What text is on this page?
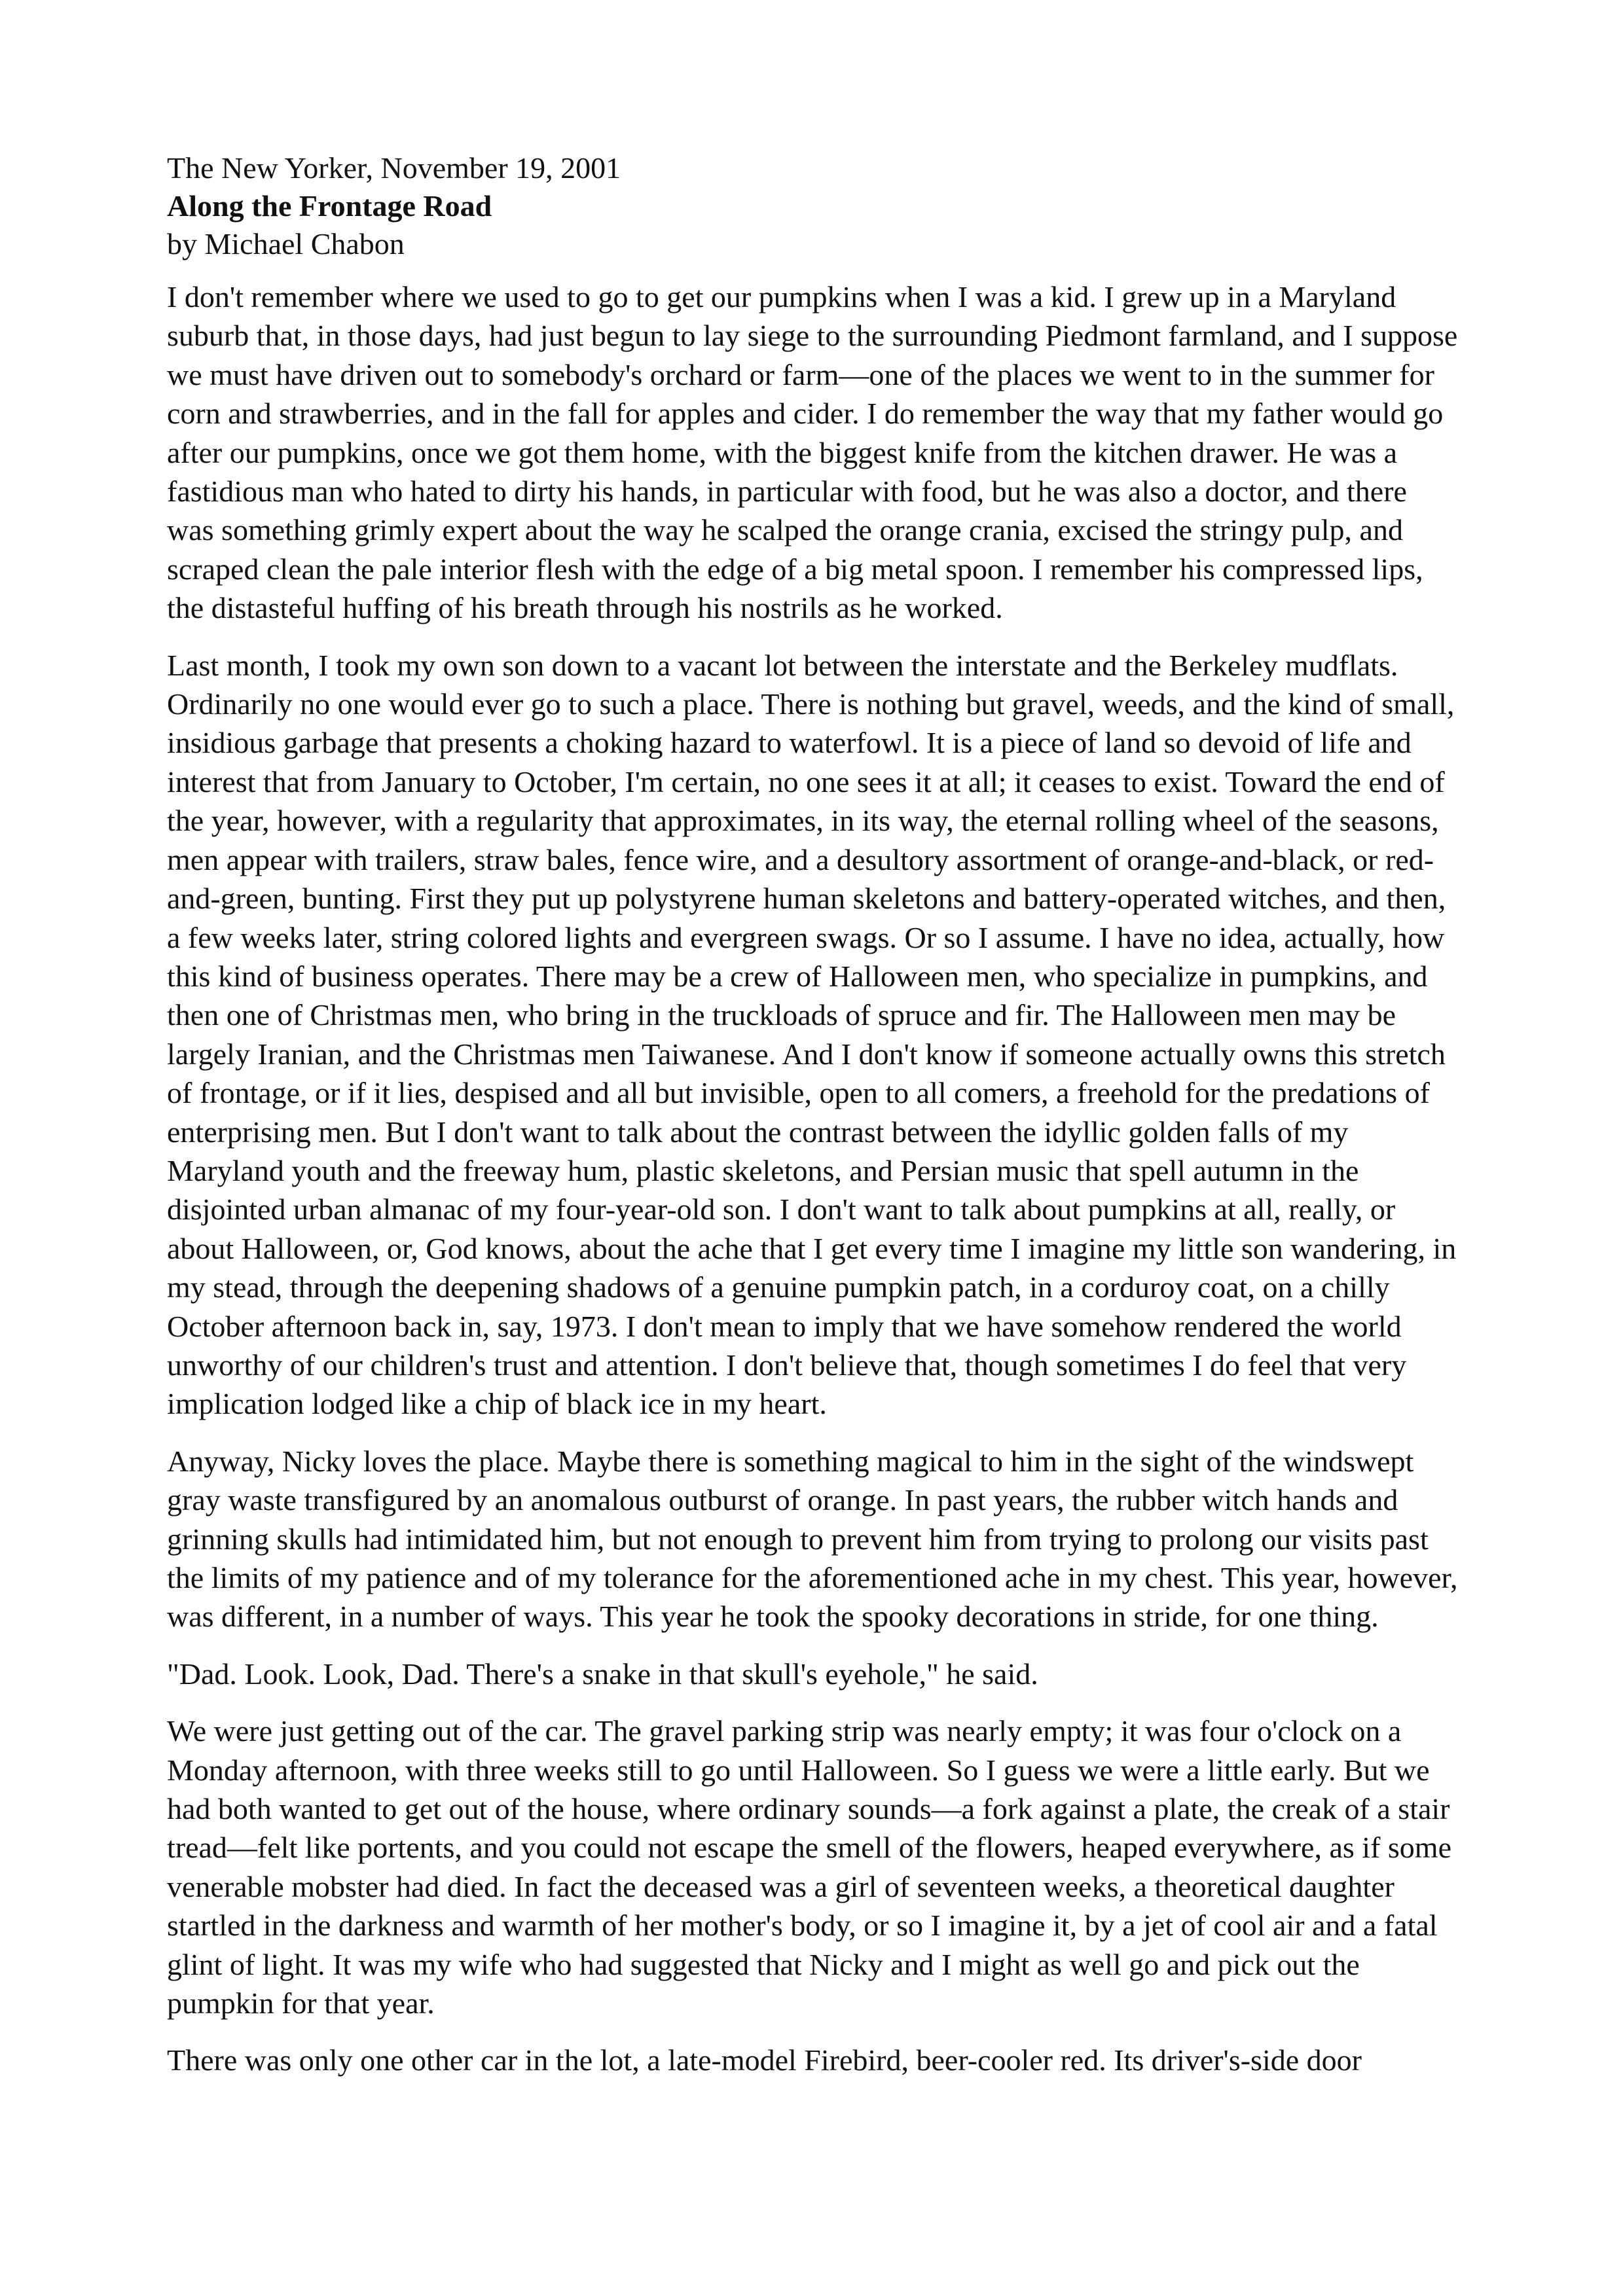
The New Yorker, November 19, 2001

Along the Frontage Road

by Michael Chabon

I don't remember where we used to go to get our pumpkins when I was a kid. I grew up in a Maryland suburb that, in those days, had just begun to lay siege to the surrounding Piedmont farmland, and I suppose we must have driven out to somebody's orchard or farm—one of the places we went to in the summer for corn and strawberries, and in the fall for apples and cider. I do remember the way that my father would go after our pumpkins, once we got them home, with the biggest knife from the kitchen drawer. He was a fastidious man who hated to dirty his hands, in particular with food, but he was also a doctor, and there was something grimly expert about the way he scalped the orange crania, excised the stringy pulp, and scraped clean the pale interior flesh with the edge of a big metal spoon. I remember his compressed lips, the distasteful huffing of his breath through his nostrils as he worked.

Last month, I took my own son down to a vacant lot between the interstate and the Berkeley mudflats. Ordinarily no one would ever go to such a place. There is nothing but gravel, weeds, and the kind of small, insidious garbage that presents a choking hazard to waterfowl. It is a piece of land so devoid of life and interest that from January to October, I'm certain, no one sees it at all; it ceases to exist. Toward the end of the year, however, with a regularity that approximates, in its way, the eternal rolling wheel of the seasons, men appear with trailers, straw bales, fence wire, and a desultory assortment of orange-and-black, or red-and-green, bunting. First they put up polystyrene human skeletons and battery-operated witches, and then, a few weeks later, string colored lights and evergreen swags. Or so I assume. I have no idea, actually, how this kind of business operates. There may be a crew of Halloween men, who specialize in pumpkins, and then one of Christmas men, who bring in the truckloads of spruce and fir. The Halloween men may be largely Iranian, and the Christmas men Taiwanese. And I don't know if someone actually owns this stretch of frontage, or if it lies, despised and all but invisible, open to all comers, a freehold for the predations of enterprising men. But I don't want to talk about the contrast between the idyllic golden falls of my Maryland youth and the freeway hum, plastic skeletons, and Persian music that spell autumn in the disjointed urban almanac of my four-year-old son. I don't want to talk about pumpkins at all, really, or about Halloween, or, God knows, about the ache that I get every time I imagine my little son wandering, in my stead, through the deepening shadows of a genuine pumpkin patch, in a corduroy coat, on a chilly October afternoon back in, say, 1973. I don't mean to imply that we have somehow rendered the world unworthy of our children's trust and attention. I don't believe that, though sometimes I do feel that very implication lodged like a chip of black ice in my heart.

Anyway, Nicky loves the place. Maybe there is something magical to him in the sight of the windswept gray waste transfigured by an anomalous outburst of orange. In past years, the rubber witch hands and grinning skulls had intimidated him, but not enough to prevent him from trying to prolong our visits past the limits of my patience and of my tolerance for the aforementioned ache in my chest. This year, however, was different, in a number of ways. This year he took the spooky decorations in stride, for one thing.

"Dad. Look. Look, Dad. There's a snake in that skull's eyehole," he said.

We were just getting out of the car. The gravel parking strip was nearly empty; it was four o'clock on a Monday afternoon, with three weeks still to go until Halloween. So I guess we were a little early. But we had both wanted to get out of the house, where ordinary sounds—a fork against a plate, the creak of a stair tread—felt like portents, and you could not escape the smell of the flowers, heaped everywhere, as if some venerable mobster had died. In fact the deceased was a girl of seventeen weeks, a theoretical daughter startled in the darkness and warmth of her mother's body, or so I imagine it, by a jet of cool air and a fatal glint of light. It was my wife who had suggested that Nicky and I might as well go and pick out the pumpkin for that year.

There was only one other car in the lot, a late-model Firebird, beer-cooler red. Its driver's-side door
